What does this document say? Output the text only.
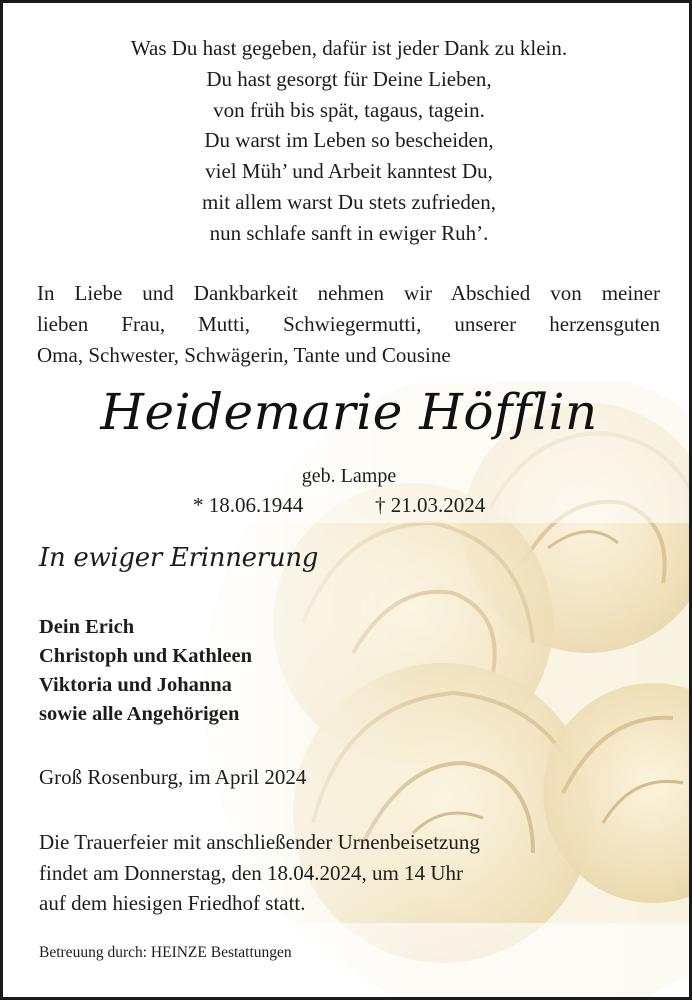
Was Du hast gegeben, dafür ist jeder Dank zu klein.
Du hast gesorgt für Deine Lieben,
von früh bis spät, tagaus, tagein.
Du warst im Leben so bescheiden,
viel Müh’ und Arbeit kanntest Du,
mit allem warst Du stets zufrieden,
nun schlafe sanft in ewiger Ruh’.
In Liebe und Dankbarkeit nehmen wir Abschied von meiner
lieben Frau, Mutti, Schwiegermutti, unserer herzensguten
Oma, Schwester, Schwägerin, Tante und Cousine
Heidemarie Höfflin
geb. Lampe
* 18.06.1944	† 21.03.2024
In ewiger Erinnerung
Dein Erich
Christoph und Kathleen
Viktoria und Johanna
sowie alle Angehörigen
Groß Rosenburg, im April 2024
Die Trauerfeier mit anschließender Urnenbeisetzung
findet am Donnerstag, den 18.04.2024, um 14 Uhr
auf dem hiesigen Friedhof statt.
Betreuung durch: HEINZE Bestattungen
